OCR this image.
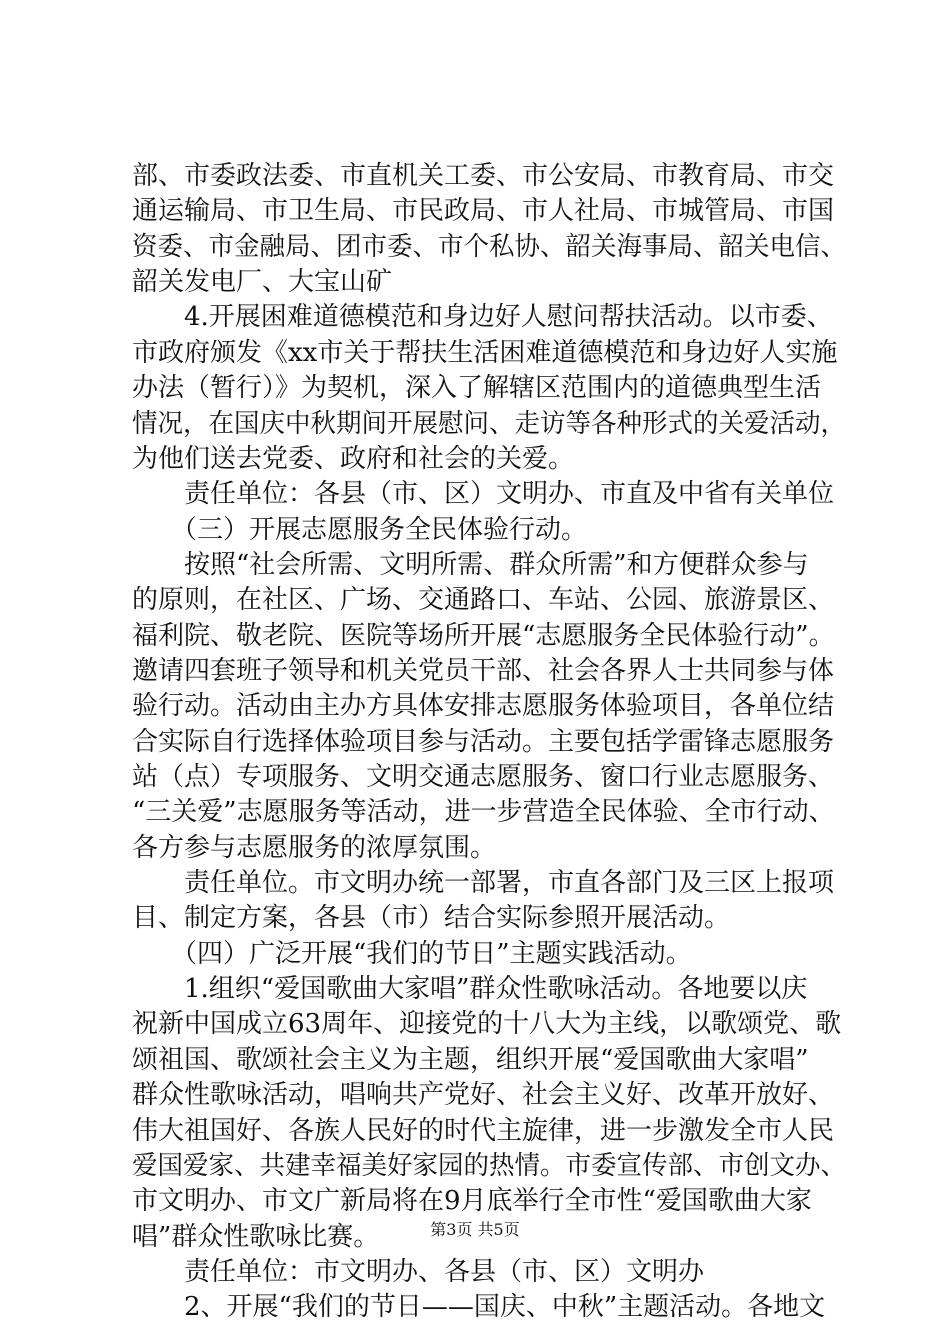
部、市委政法委、市直机关工委、市公安局、市教育局、市交
通运输局、市卫生局、市民政局、市人社局、市城管局、市国
资委、市金融局、团市委、市个私协、韶关海事局、韶关电信、
韶关发电厂、大宝山矿
　　4.开展困难道德模范和身边好人慰问帮扶活动。以市委、
市政府颁发《xx市关于帮扶生活困难道德模范和身边好人实施
办法（暂行）》为契机，深入了解辖区范围内的道德典型生活
情况，在国庆中秋期间开展慰问、走访等各种形式的关爱活动，
为他们送去党委、政府和社会的关爱。
　　责任单位：各县（市、区）文明办、市直及中省有关单位
　　（三）开展志愿服务全民体验行动。
　　按照“社会所需、文明所需、群众所需”和方便群众参与
的原则，在社区、广场、交通路口、车站、公园、旅游景区、
福利院、敬老院、医院等场所开展“志愿服务全民体验行动”。
邀请四套班子领导和机关党员干部、社会各界人士共同参与体
验行动。活动由主办方具体安排志愿服务体验项目，各单位结
合实际自行选择体验项目参与活动。主要包括学雷锋志愿服务
站（点）专项服务、文明交通志愿服务、窗口行业志愿服务、
“三关爱”志愿服务等活动，进一步营造全民体验、全市行动、
各方参与志愿服务的浓厚氛围。
　　责任单位。市文明办统一部署，市直各部门及三区上报项
目、制定方案，各县（市）结合实际参照开展活动。
　　（四）广泛开展“我们的节日”主题实践活动。
　　1.组织“爱国歌曲大家唱”群众性歌咏活动。各地要以庆
祝新中国成立63周年、迎接党的十八大为主线，以歌颂党、歌
颂祖国、歌颂社会主义为主题，组织开展“爱国歌曲大家唱”
群众性歌咏活动，唱响共产党好、社会主义好、改革开放好、
伟大祖国好、各族人民好的时代主旋律，进一步激发全市人民
爱国爱家、共建幸福美好家园的热情。市委宣传部、市创文办、
市文明办、市文广新局将在9月底举行全市性“爱国歌曲大家
唱”群众性歌咏比赛。
　　责任单位：市文明办、各县（市、区）文明办
　　2、开展“我们的节日——国庆、中秋”主题活动。各地文
第3页 共5页
